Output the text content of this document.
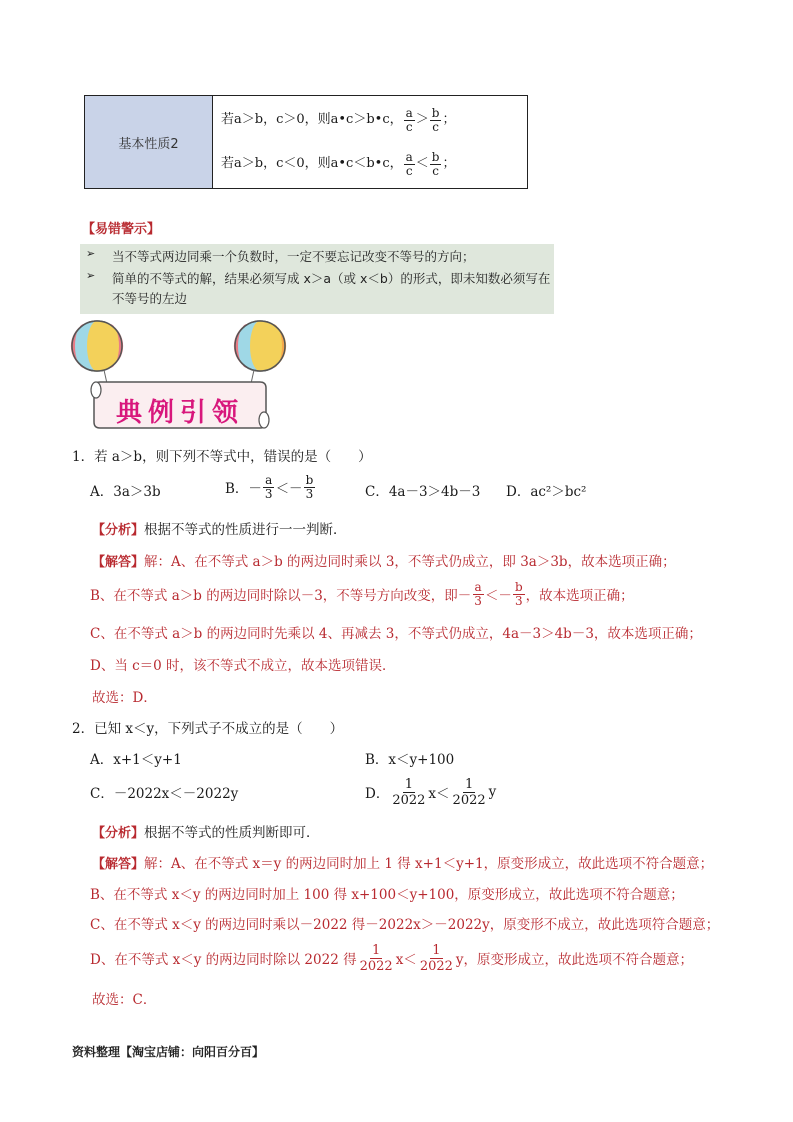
基本性质2
若a＞b，c＞0，则a•c＞b•c， $\frac{a}{c} > \frac{b}{c}$ ；
若a＞b，c＜0，则a•c＜b•c， $\frac{a}{c} < \frac{b}{c}$ ；
【易错警示】
➢	当不等式两边同乘一个负数时，一定不要忘记改变不等号的方向；
➢	简单的不等式的解，结果必须写成 x＞a（或 x＜b）的形式，即未知数必须写在不等号的左边
典例引领
1．若 a＞b，则下列不等式中，错误的是（　　）
A．3a＞3b	B．－ $\frac{a}{3} <- \frac{b}{3}$	C．4a－3＞4b－3 D．ac²＞bc²
【分析】 根据不等式的性质进行一一判断．
【解答】 解：A、在不等式 a＞b 的两边同时乘以 3，不等式仍成立，即 3a＞3b，故本选项正确；
B、在不等式 a＞b 的两边同时除以－3，不等号方向改变，即－ $\frac{a}{3} <- \frac{b}{3}$ ，故本选项正确；
C、在不等式 a＞b 的两边同时先乘以 4、再减去 3，不等式仍成立，4a－3＞4b－3，故本选项正确；
D、当 c＝0 时，该不等式不成立，故本选项错误．
故选：D．
2．已知 x＜y，下列式子不成立的是（　　）
A．x+1＜y+1	B．x＜y+100
C．－2022x＜－2022y	D． $\frac{1}{2022} x< \frac{1}{2022}$ y
【分析】 根据不等式的性质判断即可．
【解答】 解：A、在不等式 x＝y 的两边同时加上 1 得 x+1＜y+1，原变形成立，故此选项不符合题意；
B、在不等式 x＜y 的两边同时加上 100 得 x+100＜y+100，原变形成立，故此选项不符合题意；
C、在不等式 x＜y 的两边同时乘以－2022 得－2022x＞－2022y，原变形不成立，故此选项符合题意；
D、在不等式 x＜y 的两边同时除以 2022 得 $\frac{1}{2022} x< \frac{1}{2022}$ y，原变形成立，故此选项不符合题意；
故选：C．
资料整理【淘宝店铺：向阳百分百】
